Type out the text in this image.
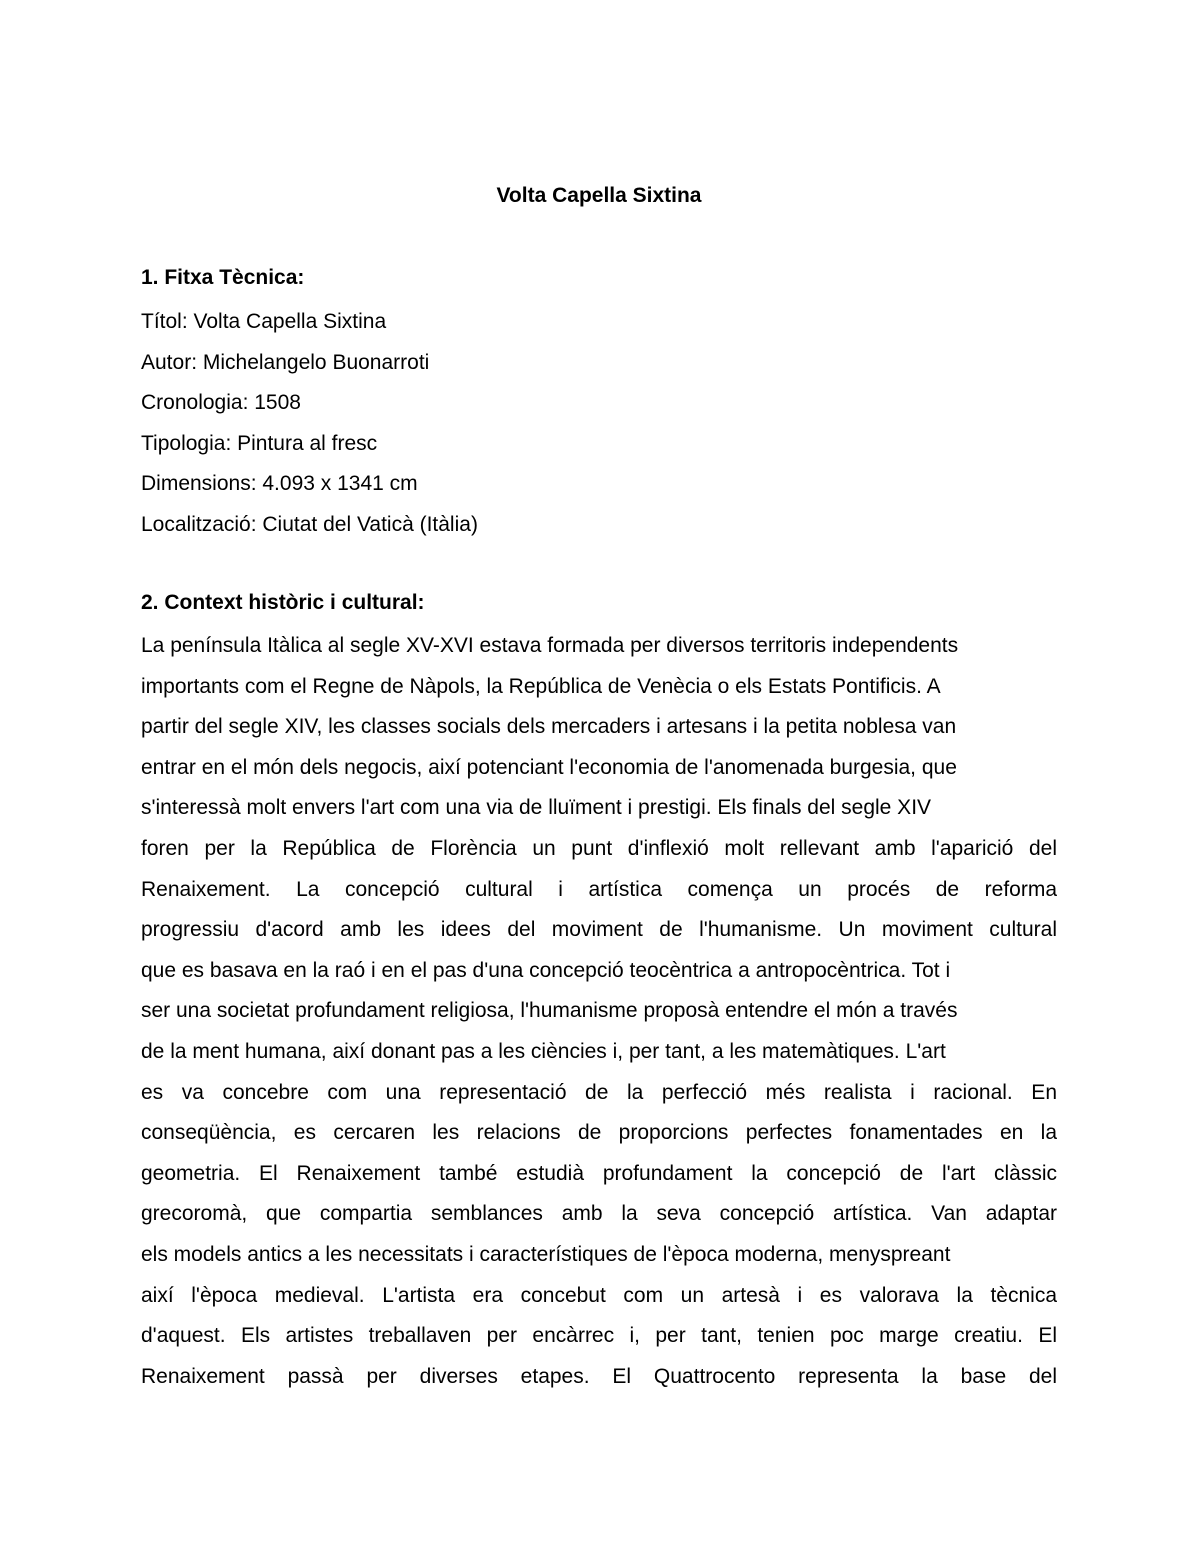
Volta Capella Sixtina
1. Fitxa Tècnica:
Títol: Volta Capella Sixtina
Autor: Michelangelo Buonarroti
Cronologia: 1508
Tipologia: Pintura al fresc
Dimensions: 4.093 x 1341 cm
Localització: Ciutat del Vaticà (Itàlia)
2. Context històric i cultural:
La península Itàlica al segle XV-XVI estava formada per diversos territoris independents
importants com el Regne de Nàpols, la República de Venècia o els Estats Pontificis. A
partir del segle XIV, les classes socials dels mercaders i artesans i la petita noblesa van
entrar en el món dels negocis, així potenciant l'economia de l'anomenada burgesia, que
s'interessà molt envers l'art com una via de lluïment i prestigi. Els finals del segle XIV
foren per la República de Florència un punt d'inflexió molt rellevant amb l'aparició del
Renaixement. La concepció cultural i artística comença un procés de reforma
progressiu d'acord amb les idees del moviment de l'humanisme. Un moviment cultural
que es basava en la raó i en el pas d'una concepció teocèntrica a antropocèntrica. Tot i
ser una societat profundament religiosa, l'humanisme proposà entendre el món a través
de la ment humana, així donant pas a les ciències i, per tant, a les matemàtiques. L'art
es va concebre com una representació de la perfecció més realista i racional. En
conseqüència, es cercaren les relacions de proporcions perfectes fonamentades en la
geometria. El Renaixement també estudià profundament la concepció de l'art clàssic
grecoromà, que compartia semblances amb la seva concepció artística. Van adaptar
els models antics a les necessitats i característiques de l'època moderna, menyspreant
així l'època medieval. L'artista era concebut com un artesà i es valorava la tècnica
d'aquest. Els artistes treballaven per encàrrec i, per tant, tenien poc marge creatiu. El
Renaixement passà per diverses etapes. El Quattrocento representa la base del
